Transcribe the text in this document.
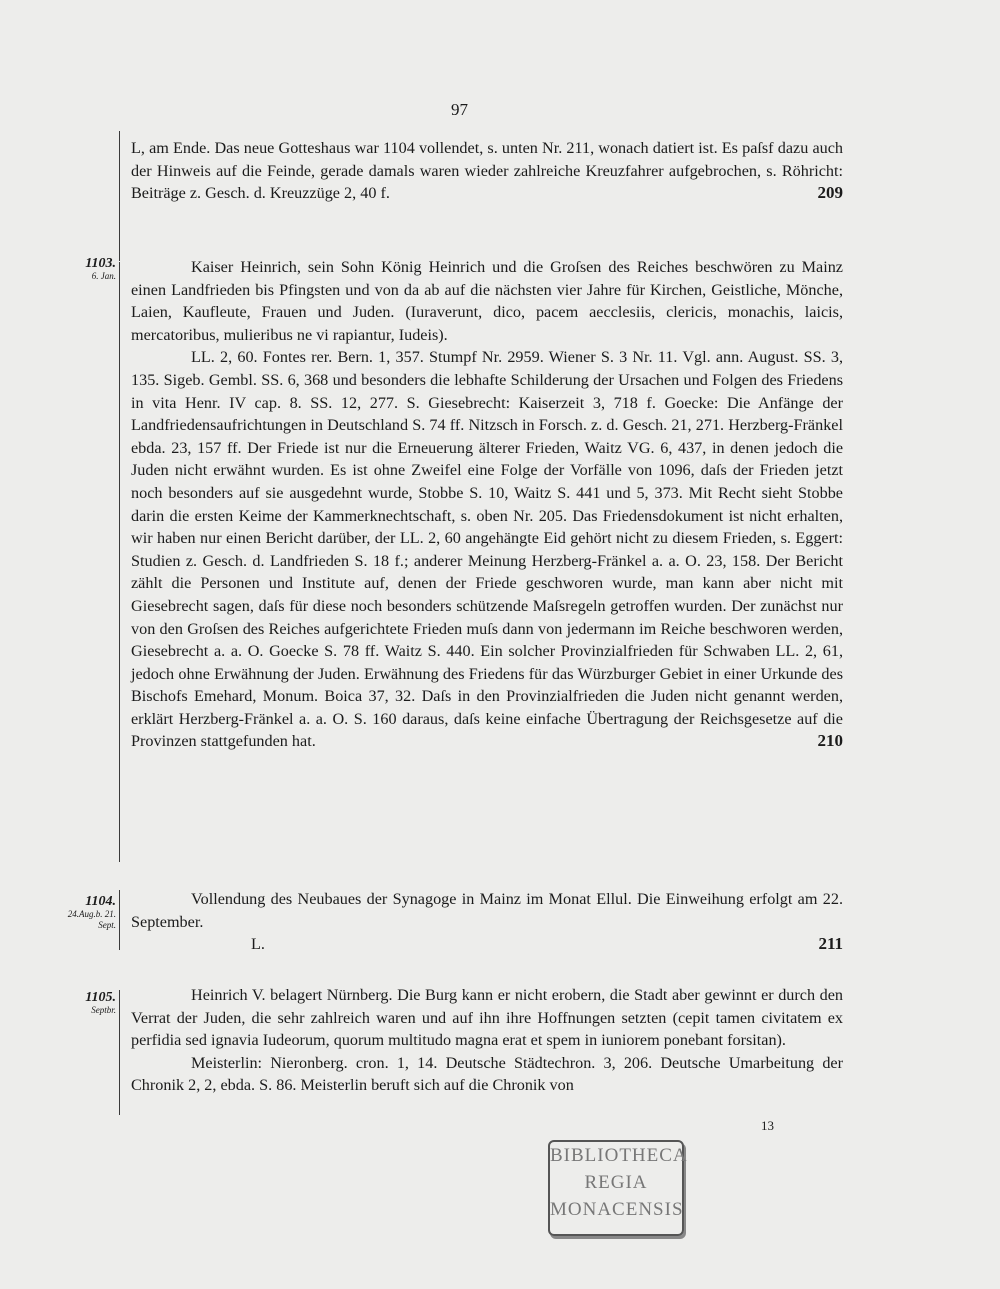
97

L, am Ende. Das neue Gotteshaus war 1104 vollendet, s. unten Nr. 211, wonach datiert ist. Es paſsf dazu auch der Hinweis auf die Feinde, gerade damals waren wieder zahlreiche Kreuzfahrer aufgebrochen, s. Röhricht: Beiträge z. Gesch. d. Kreuzzüge 2, 40 f.	209
1103.
6. Jan.	Kaiser Heinrich, sein Sohn König Heinrich und die Groſsen des Reiches beschwören zu Mainz einen Landfrieden bis Pfingsten und von da ab auf die nächsten vier Jahre für Kirchen, Geistliche, Mönche, Laien, Kaufleute, Frauen und Juden. (Iuraverunt, dico, pacem aecclesiis, clericis, monachis, laicis, mercatoribus, mulieribus ne vi rapiantur, Iudeis).

LL. 2, 60. Fontes rer. Bern. 1, 357. Stumpf Nr. 2959. Wiener S. 3 Nr. 11. Vgl. ann. August. SS. 3, 135. Sigeb. Gembl. SS. 6, 368 und besonders die lebhafte Schilderung der Ursachen und Folgen des Friedens in vita Henr. IV cap. 8. SS. 12, 277. S. Giesebrecht: Kaiserzeit 3, 718 f. Goecke: Die Anfänge der Landfriedensaufrichtungen in Deutschland S. 74 ff. Nitzsch in Forsch. z. d. Gesch. 21, 271. Herzberg-Fränkel ebda. 23, 157 ff. Der Friede ist nur die Erneuerung älterer Frieden, Waitz VG. 6, 437, in denen jedoch die Juden nicht erwähnt wurden. Es ist ohne Zweifel eine Folge der Vorfälle von 1096, daſs der Frieden jetzt noch besonders auf sie ausgedehnt wurde, Stobbe S. 10, Waitz S. 441 und 5, 373. Mit Recht sieht Stobbe darin die ersten Keime der Kammerknechtschaft, s. oben Nr. 205. Das Friedensdokument ist nicht erhalten, wir haben nur einen Bericht darüber, der LL. 2, 60 angehängte Eid gehört nicht zu diesem Frieden, s. Eggert: Studien z. Gesch. d. Landfrieden S. 18 f.; anderer Meinung Herzberg-Fränkel a. a. O. 23, 158. Der Bericht zählt die Personen und Institute auf, denen der Friede geschworen wurde, man kann aber nicht mit Giesebrecht sagen, daſs für diese noch besonders schützende Maſsregeln getroffen wurden. Der zunächst nur von den Groſsen des Reiches aufgerichtete Frieden muſs dann von jedermann im Reiche beschworen werden, Giesebrecht a. a. O. Goecke S. 78 ff. Waitz S. 440. Ein solcher Provinzialfrieden für Schwaben LL. 2, 61, jedoch ohne Erwähnung der Juden. Erwähnung des Friedens für das Würzburger Gebiet in einer Urkunde des Bischofs Emehard, Monum. Boica 37, 32. Daſs in den Provinzialfrieden die Juden nicht genannt werden, erklärt Herzberg-Fränkel a. a. O. S. 160 daraus, daſs keine einfache Übertragung der Reichsgesetze auf die Provinzen stattgefunden hat.	210
1104.
24.Aug.b. 21. Sept.

Vollendung des Neubaues der Synagoge in Mainz im Monat Ellul. Die Einweihung erfolgt am 22. September.

L.	211
1105.
Septbr.

Heinrich V. belagert Nürnberg. Die Burg kann er nicht erobern, die Stadt aber gewinnt er durch den Verrat der Juden, die sehr zahlreich waren und auf ihn ihre Hoffnungen setzten (cepit tamen civitatem ex perfidia sed ignavia Iudeorum, quorum multitudo magna erat et spem in iuniorem ponebant forsitan).

Meisterlin: Nieronberg. cron. 1, 14. Deutsche Städtechron. 3, 206. Deutsche Umarbeitung der Chronik 2, 2, ebda. S. 86. Meisterlin beruft sich auf die Chronik von

13
BIBLIOTHECA
REGIA
MONACENSIS
